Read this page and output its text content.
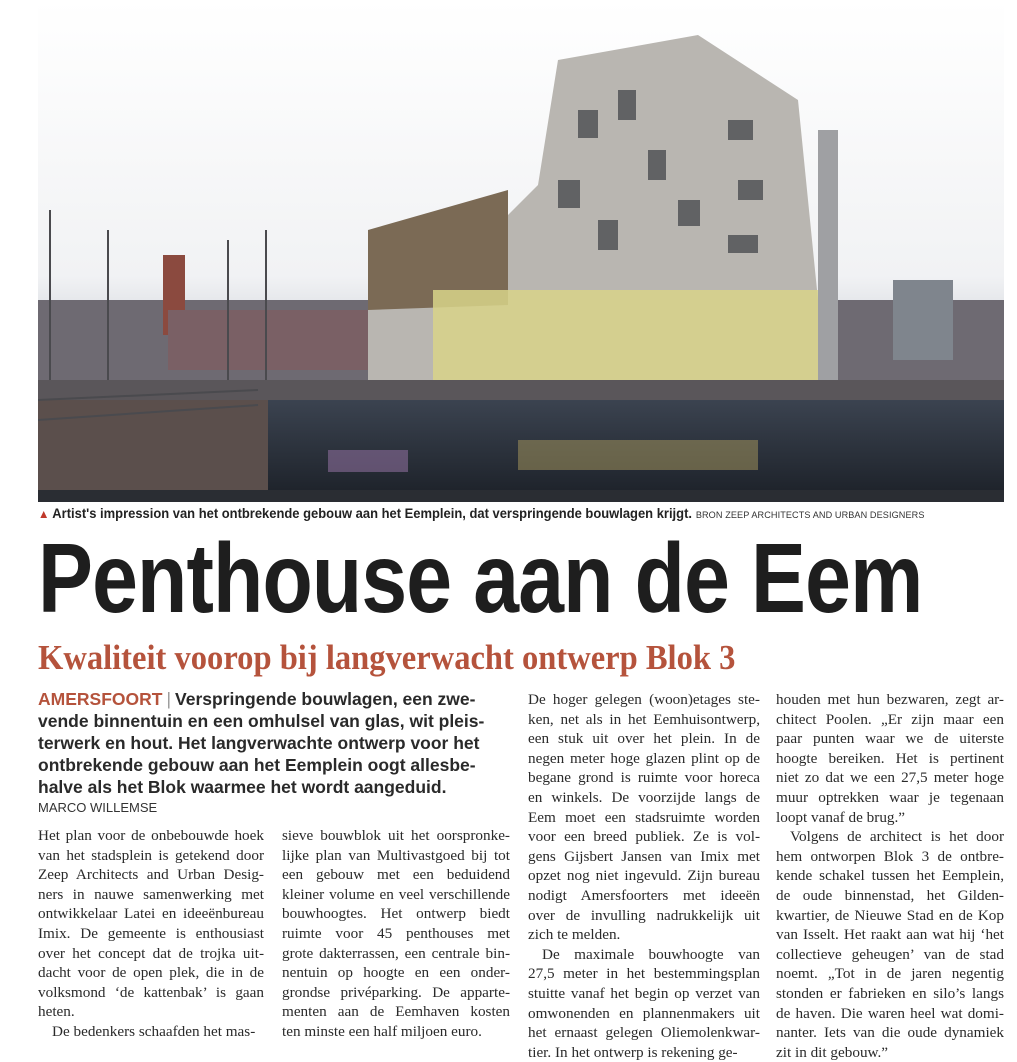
▲ Artist's impression van het ontbrekende gebouw aan het Eemplein, dat verspringende bouwlagen krijgt. BRON ZEEP ARCHITECTS AND URBAN DESIGNERS
Penthouse aan de Eem
Kwaliteit voorop bij langverwacht ontwerp Blok 3
AMERSFOORT | Verspringende bouwlagen, een zwe-
vende binnentuin en een omhulsel van glas, wit pleis-
terwerk en hout. Het langverwachte ontwerp voor het
ontbrekende gebouw aan het Eemplein oogt allesbe-
halve als het Blok waarmee het wordt aangeduid.
MARCO WILLEMSE
Het plan voor de onbebouwde hoek
van het stadsplein is getekend door
Zeep Architects and Urban Desig-
ners in nauwe samenwerking met
ontwikkelaar Latei en ideeënbureau
Imix. De gemeente is enthousiast
over het concept dat de trojka uit-
dacht voor de open plek, die in de
volksmond ‘de kattenbak’ is gaan
heten.
De bedenkers schaafden het mas-
sieve bouwblok uit het oorspronke-
lijke plan van Multivastgoed bij tot
een gebouw met een beduidend
kleiner volume en veel verschillende
bouwhoogtes. Het ontwerp biedt
ruimte voor 45 penthouses met
grote dakterrassen, een centrale bin-
nentuin op hoogte en een onder-
grondse privéparking. De apparte-
menten aan de Eemhaven kosten
ten minste een half miljoen euro.
De hoger gelegen (woon)etages ste-
ken, net als in het Eemhuisontwerp,
een stuk uit over het plein. In de
negen meter hoge glazen plint op de
begane grond is ruimte voor horeca
en winkels. De voorzijde langs de
Eem moet een stadsruimte worden
voor een breed publiek. Ze is vol-
gens Gijsbert Jansen van Imix met
opzet nog niet ingevuld. Zijn bureau
nodigt Amersfoorters met ideeën
over de invulling nadrukkelijk uit
zich te melden.
De maximale bouwhoogte van
27,5 meter in het bestemmingsplan
stuitte vanaf het begin op verzet van
omwonenden en plannenmakers uit
het ernaast gelegen Oliemolenkwar-
tier. In het ontwerp is rekening ge-
houden met hun bezwaren, zegt ar-
chitect Poolen. „Er zijn maar een
paar punten waar we de uiterste
hoogte bereiken. Het is pertinent
niet zo dat we een 27,5 meter hoge
muur optrekken waar je tegenaan
loopt vanaf de brug.”
Volgens de architect is het door
hem ontworpen Blok 3 de ontbre-
kende schakel tussen het Eemplein,
de oude binnenstad, het Gilden-
kwartier, de Nieuwe Stad en de Kop
van Isselt. Het raakt aan wat hij ‘het
collectieve geheugen’ van de stad
noemt. „Tot in de jaren negentig
stonden er fabrieken en silo’s langs
de haven. Die waren heel wat domi-
nanter. Iets van die oude dynamiek
zit in dit gebouw.”
